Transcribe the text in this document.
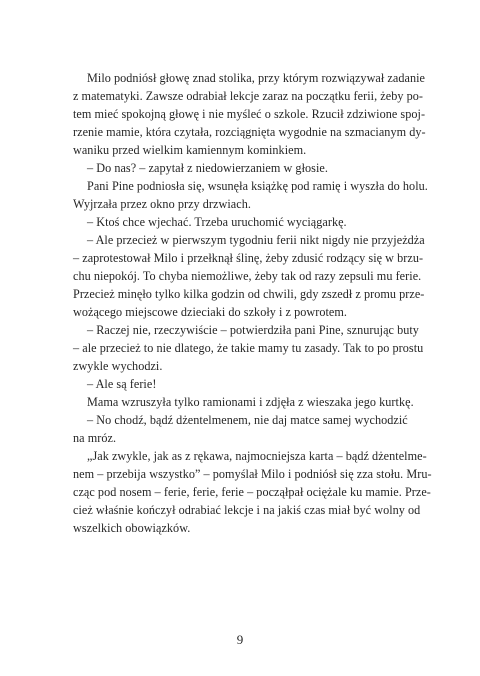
Milo podniósł głowę znad stolika, przy którym rozwiązywał zadanie
z matematyki. Zawsze odrabiał lekcje zaraz na początku ferii, żeby po-
tem mieć spokojną głowę i nie myśleć o szkole. Rzucił zdziwione spoj-
rzenie mamie, która czytała, rozciągnięta wygodnie na szmacianym dy-
waniku przed wielkim kamiennym kominkiem.
– Do nas? – zapytał z niedowierzaniem w głosie.
Pani Pine podniosła się, wsunęła książkę pod ramię i wyszła do holu.
Wyjrzała przez okno przy drzwiach.
– Ktoś chce wjechać. Trzeba uruchomić wyciągarkę.
– Ale przecież w pierwszym tygodniu ferii nikt nigdy nie przyjeżdża
– zaprotestował Milo i przełknął ślinę, żeby zdusić rodzący się w brzu-
chu niepokój. To chyba niemożliwe, żeby tak od razy zepsuli mu ferie.
Przecież minęło tylko kilka godzin od chwili, gdy zszedł z promu prze-
wożącego miejscowe dzieciaki do szkoły i z powrotem.
– Raczej nie, rzeczywiście – potwierdziła pani Pine, sznurując buty
– ale przecież to nie dlatego, że takie mamy tu zasady. Tak to po prostu
zwykle wychodzi.
– Ale są ferie!
Mama wzruszyła tylko ramionami i zdjęła z wieszaka jego kurtkę.
– No chodź, bądź dżentelmenem, nie daj matce samej wychodzić
na mróz.
„Jak zwykle, jak as z rękawa, najmocniejsza karta – bądź dżentelme-
nem – przebija wszystko” – pomyślał Milo i podniósł się zza stołu. Mru-
cząc pod nosem – ferie, ferie, ferie – począłpał ociężale ku mamie. Prze-
cież właśnie kończył odrabiać lekcje i na jakiś czas miał być wolny od
wszelkich obowiązków.
9
